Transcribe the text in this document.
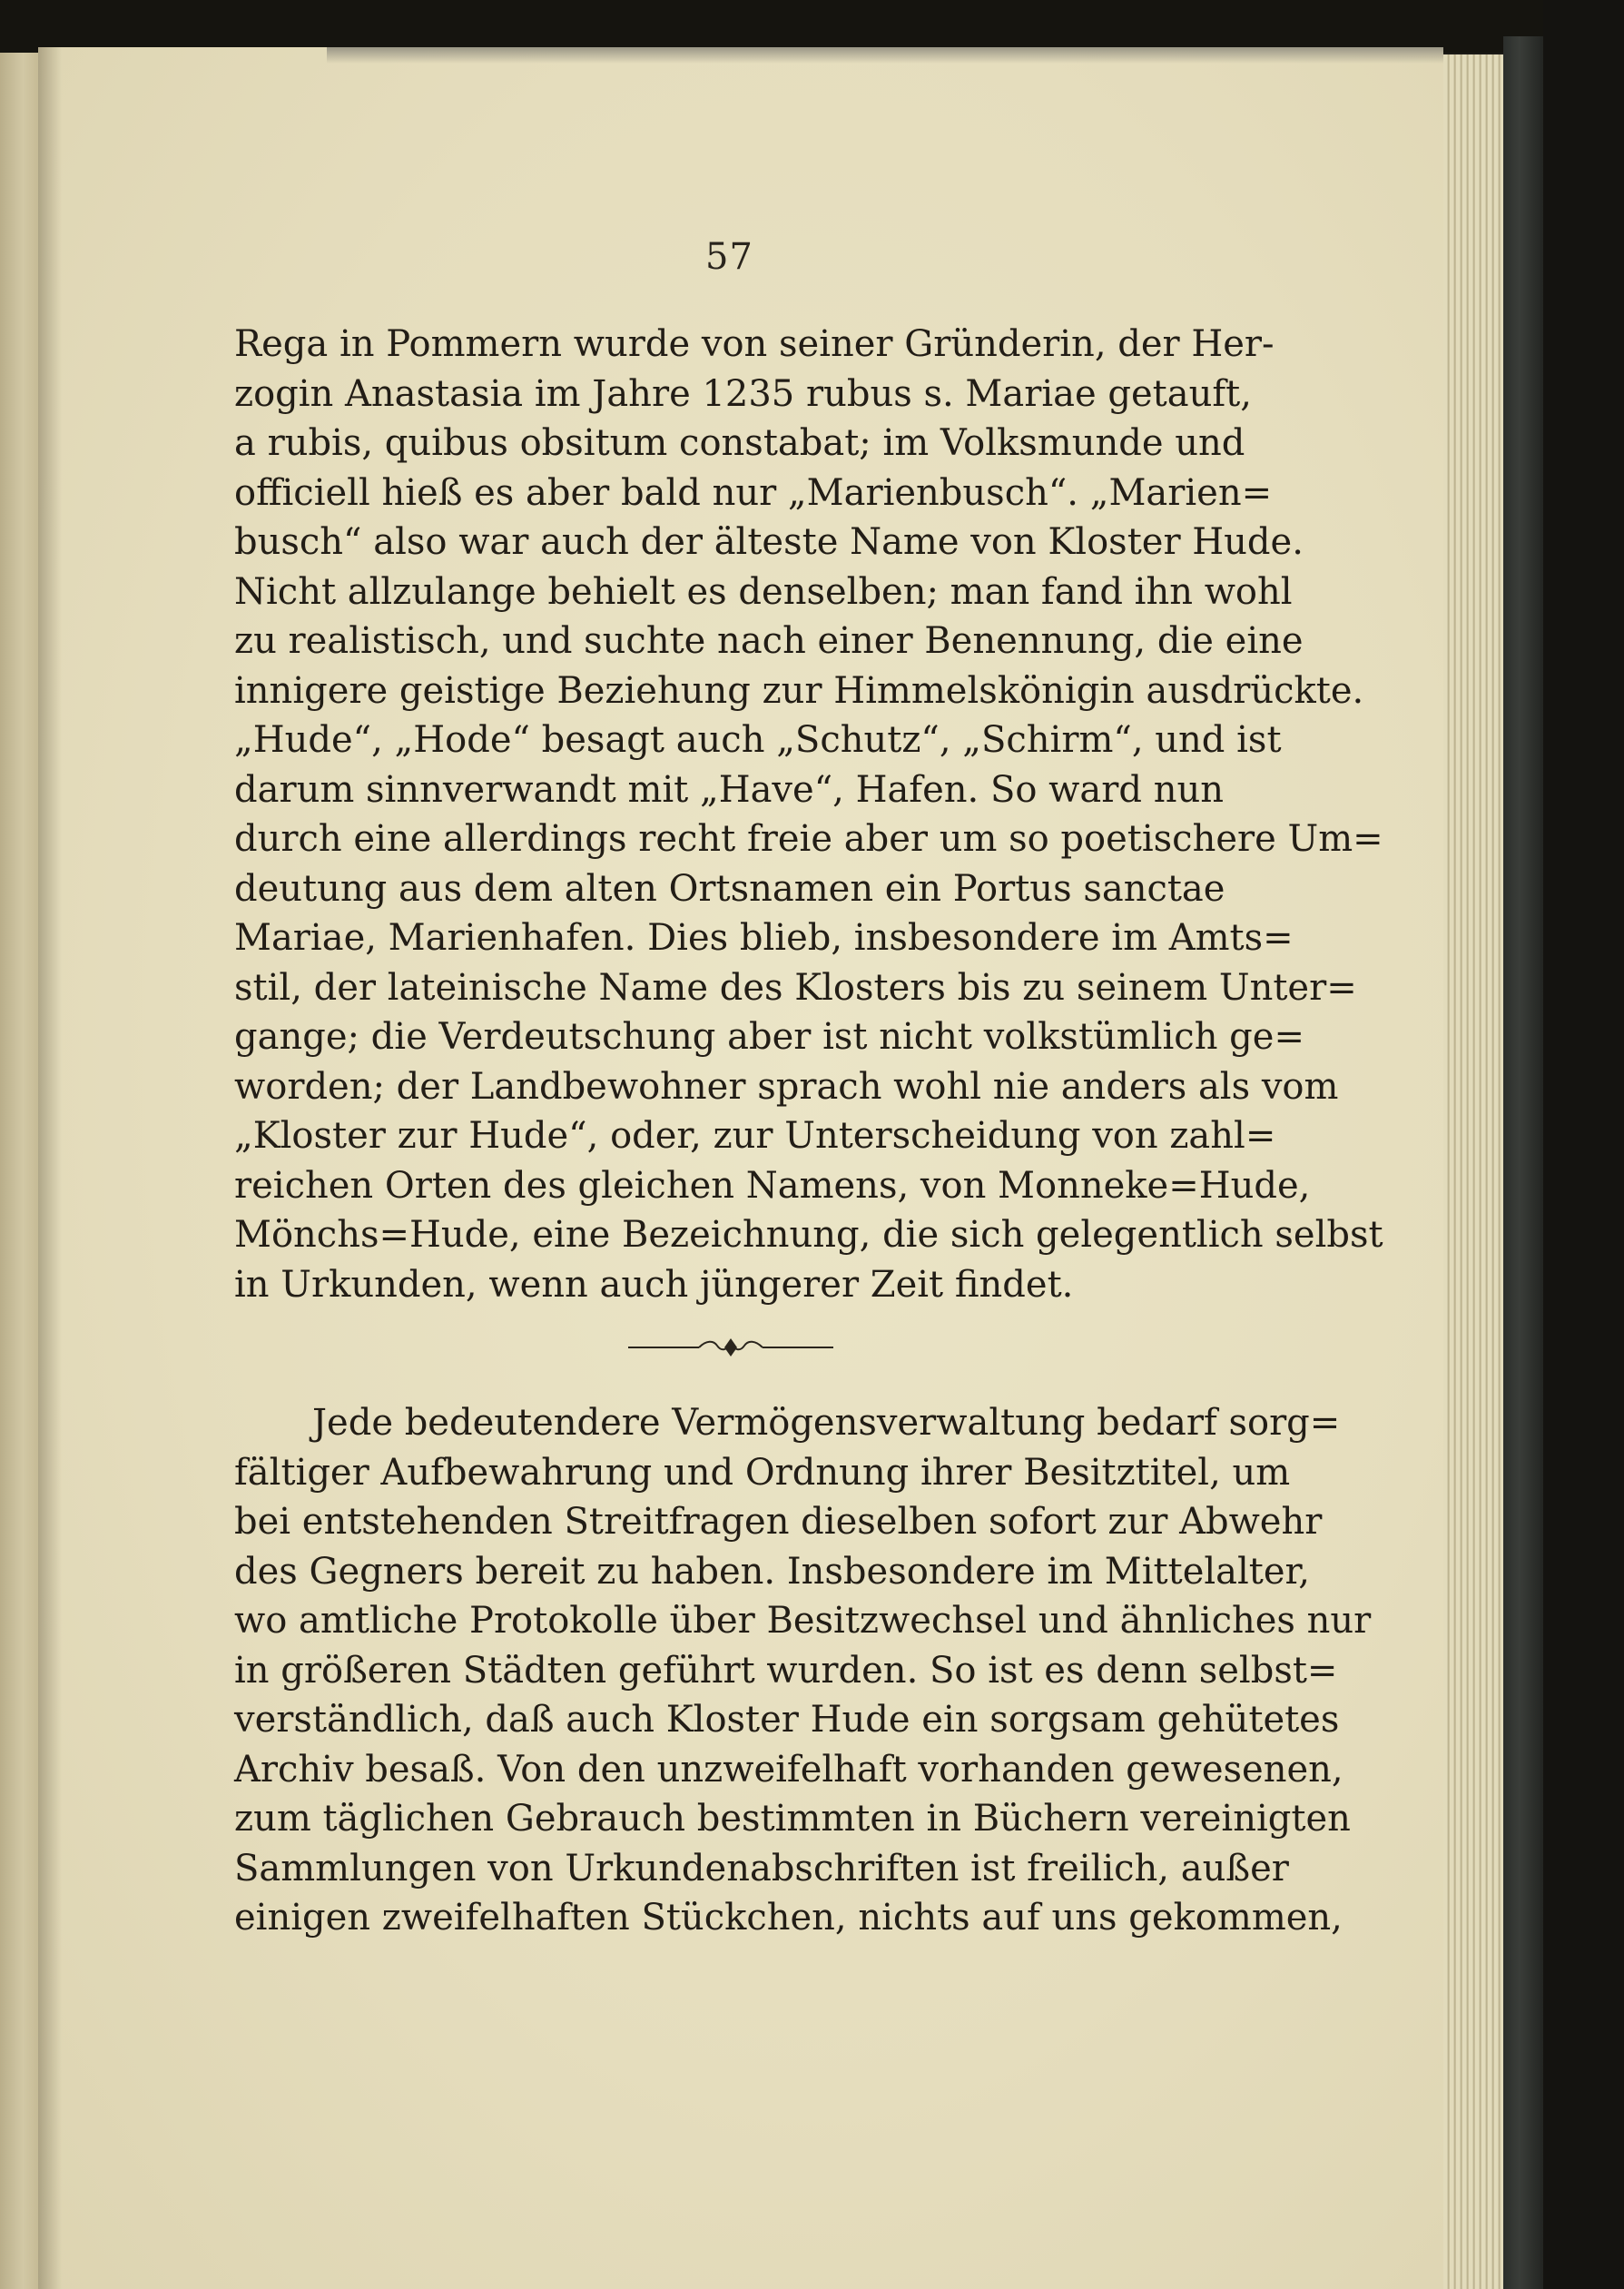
57
Rega in Pommern wurde von seiner Gründerin, der Her-
zogin Anastasia im Jahre 1235 rubus s. Mariae getauft,
a rubis, quibus obsitum constabat; im Volksmunde und
officiell hieß es aber bald nur „Marienbusch“. „Marien=
busch“ also war auch der älteste Name von Kloster Hude.
Nicht allzulange behielt es denselben; man fand ihn wohl
zu realistisch, und suchte nach einer Benennung, die eine
innigere geistige Beziehung zur Himmelskönigin ausdrückte.
„Hude“, „Hode“ besagt auch „Schutz“, „Schirm“, und ist
darum sinnverwandt mit „Have“, Hafen. So ward nun
durch eine allerdings recht freie aber um so poetischere Um=
deutung aus dem alten Ortsnamen ein Portus sanctae
Mariae, Marienhafen. Dies blieb, insbesondere im Amts=
stil, der lateinische Name des Klosters bis zu seinem Unter=
gange; die Verdeutschung aber ist nicht volkstümlich ge=
worden; der Landbewohner sprach wohl nie anders als vom
„Kloster zur Hude“, oder, zur Unterscheidung von zahl=
reichen Orten des gleichen Namens, von Monneke=Hude,
Mönchs=Hude, eine Bezeichnung, die sich gelegentlich selbst
in Urkunden, wenn auch jüngerer Zeit findet.
Jede bedeutendere Vermögensverwaltung bedarf sorg=
fältiger Aufbewahrung und Ordnung ihrer Besitztitel, um
bei entstehenden Streitfragen dieselben sofort zur Abwehr
des Gegners bereit zu haben. Insbesondere im Mittelalter,
wo amtliche Protokolle über Besitzwechsel und ähnliches nur
in größeren Städten geführt wurden. So ist es denn selbst=
verständlich, daß auch Kloster Hude ein sorgsam gehütetes
Archiv besaß. Von den unzweifelhaft vorhanden gewesenen,
zum täglichen Gebrauch bestimmten in Büchern vereinigten
Sammlungen von Urkundenabschriften ist freilich, außer
einigen zweifelhaften Stückchen, nichts auf uns gekommen,
